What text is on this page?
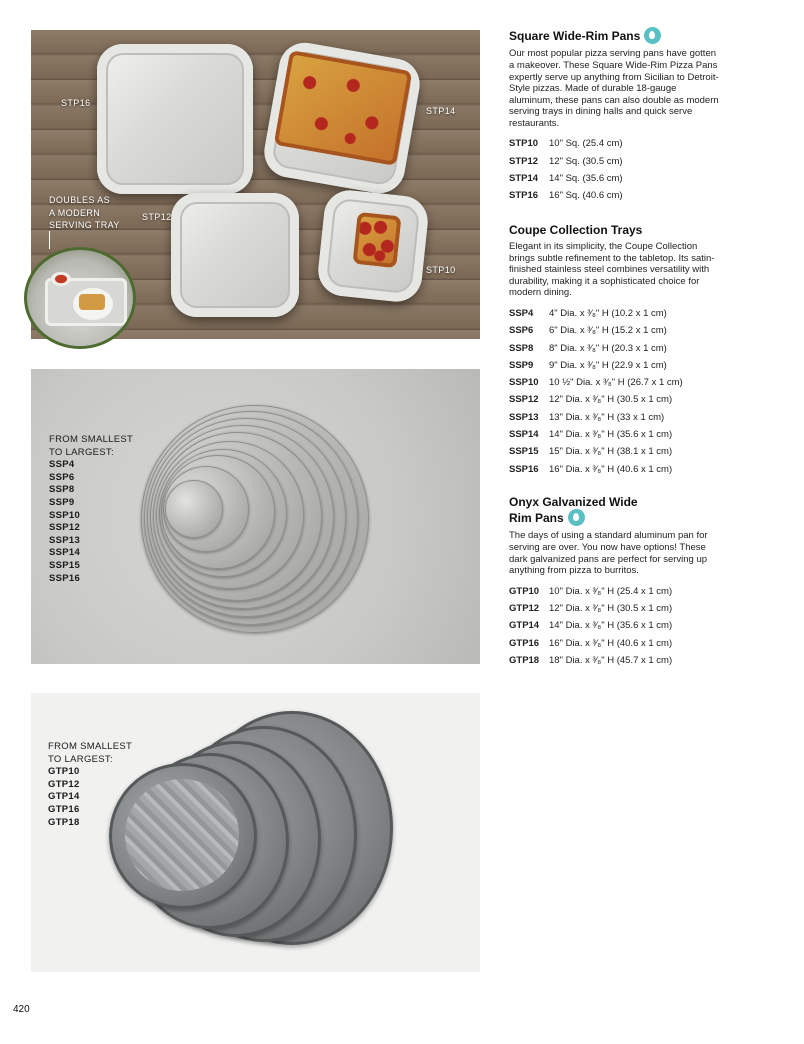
STP16
STP14
STP12
STP10
DOUBLES AS
A MODERN
SERVING TRAY
FROM SMALLEST
TO LARGEST:
SSP4
SSP6
SSP8
SSP9
SSP10
SSP12
SSP13
SSP14
SSP15
SSP16
FROM SMALLEST
TO LARGEST:
GTP10
GTP12
GTP14
GTP16
GTP18
Square Wide-Rim Pans

Our most popular pizza serving pans have gotten a makeover. These Square Wide-Rim Pizza Pans expertly serve up anything from Sicilian to Detroit-Style pizzas. Made of durable 18-gauge aluminum, these pans can also double as modern serving trays in dining halls and quick serve restaurants.

STP10	10" Sq. (25.4 cm)
STP12	12" Sq. (30.5 cm)
STP14	14" Sq. (35.6 cm)
STP16	16" Sq. (40.6 cm)
Coupe Collection Trays

Elegant in its simplicity, the Coupe Collection brings subtle refinement to the tabletop. Its satin-finished stainless steel combines versatility with durability, making it a sophisticated choice for modern dining.

SSP4	4" Dia. x ³⁄₈" H (10.2 x 1 cm)
SSP6	6" Dia. x ³⁄₈" H (15.2 x 1 cm)
SSP8	8" Dia. x ³⁄₈" H (20.3 x 1 cm)
SSP9	9" Dia. x ³⁄₈" H (22.9 x 1 cm)
SSP10	10 ½" Dia. x ³⁄₈" H (26.7 x 1 cm)
SSP12	12" Dia. x ³⁄₈" H (30.5 x 1 cm)
SSP13	13" Dia. x ³⁄₈" H (33 x 1 cm)
SSP14	14" Dia. x ³⁄₈" H (35.6 x 1 cm)
SSP15	15" Dia. x ³⁄₈" H (38.1 x 1 cm)
SSP16	16" Dia. x ³⁄₈" H (40.6 x 1 cm)
Onyx Galvanized Wide
Rim Pans

The days of using a standard aluminum pan for serving are over. You now have options! These dark galvanized pans are perfect for serving up anything from pizza to burritos.

GTP10	10" Dia. x ³⁄₈" H (25.4 x 1 cm)
GTP12	12" Dia. x ³⁄₈" H (30.5 x 1 cm)
GTP14	14" Dia. x ³⁄₈" H (35.6 x 1 cm)
GTP16	16" Dia. x ³⁄₈" H (40.6 x 1 cm)
GTP18	18" Dia. x ³⁄₈" H (45.7 x 1 cm)
420
